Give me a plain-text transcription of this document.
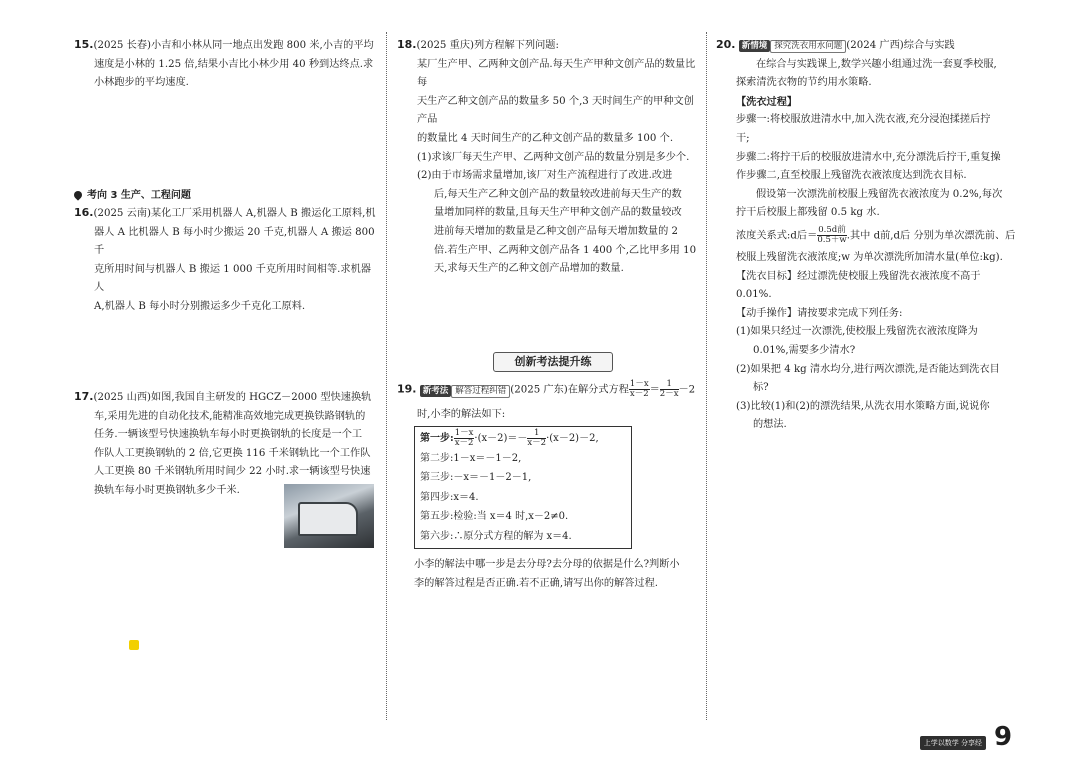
15.(2025 长春)小吉和小林从同一地点出发跑 800 米,小吉的平均

速度是小林的 1.25 倍,结果小吉比小林少用 40 秒到达终点.求

小林跑步的平均速度.

考向 3 生产、工程问题

16.(2025 云南)某化工厂采用机器人 A,机器人 B 搬运化工原料,机

器人 A 比机器人 B 每小时少搬运 20 千克,机器人 A 搬运 800 千

克所用时间与机器人 B 搬运 1 000 千克所用时间相等.求机器人

A,机器人 B 每小时分别搬运多少千克化工原料.

17.(2025 山西)如图,我国自主研发的 HGCZ－2000 型快速换轨

车,采用先进的自动化技术,能精准高效地完成更换铁路钢轨的

任务.一辆该型号快速换轨车每小时更换钢轨的长度是一个工

作队人工更换钢轨的 2 倍,它更换 116 千米钢轨比一个工作队

人工更换 80 千米钢轨所用时间少 22 小时.求一辆该型号快速

换轨车每小时更换钢轨多少千米.

18.(2025 重庆)列方程解下列问题:

某厂生产甲、乙两种文创产品.每天生产甲种文创产品的数量比每

天生产乙种文创产品的数量多 50 个,3 天时间生产的甲种文创产品

的数量比 4 天时间生产的乙种文创产品的数量多 100 个.

(1)求该厂每天生产甲、乙两种文创产品的数量分别是多少个.

(2)由于市场需求量增加,该厂对生产流程进行了改进.改进

后,每天生产乙种文创产品的数量较改进前每天生产的数

量增加同样的数量,且每天生产甲种文创产品的数量较改

进前每天增加的数量是乙种文创产品每天增加数量的 2

倍.若生产甲、乙两种文创产品各 1 400 个,乙比甲多用 10

天,求每天生产的乙种文创产品增加的数量.

创新考法提升练

19. 新考法 解答过程纠错 (2025 广东)在解分式方程 $\frac{1-x}{x-2} = \frac{1}{2-x} -2$

时,小李的解法如下:

第一步: $\frac{1-x}{x-2} \cdot(x-2)=- \frac{1}{x-2} \cdot(x-2)-2$,
第二步:1－x＝－1－2,
第三步:－x＝－1－2－1,
第四步:x＝4.
第五步:检验:当 x＝4 时,x－2≠0.
第六步:∴原分式方程的解为 x＝4.

小李的解法中哪一步是去分母?去分母的依据是什么?判断小

李的解答过程是否正确.若不正确,请写出你的解答过程.

20. 新情境 探究洗衣用水问题 (2024 广西)综合与实践

在综合与实践课上,数学兴趣小组通过洗一套夏季校服,

探索清洗衣物的节约用水策略.

【洗衣过程】

步骤一:将校服放进清水中,加入洗衣液,充分浸泡揉搓后拧

干;

步骤二:将拧干后的校服放进清水中,充分漂洗后拧干,重复操

作步骤二,直至校服上残留洗衣液浓度达到洗衣目标.

假设第一次漂洗前校服上残留洗衣液浓度为 0.2%,每次

拧干后校服上都残留 0.5 kg 水.

浓度关系式:d后＝ $\frac{\text{0.5d前}}{0.5+w}$ .其中 d前,d后 分别为单次漂洗前、后

校服上残留洗衣液浓度;w 为单次漂洗所加清水量(单位:kg).

【洗衣目标】经过漂洗使校服上残留洗衣液浓度不高于 0.01%.

【动手操作】请按要求完成下列任务:

(1)如果只经过一次漂洗,使校服上残留洗衣液浓度降为

0.01%,需要多少清水?

(2)如果把 4 kg 清水均分,进行两次漂洗,是否能达到洗衣目

标?

(3)比较(1)和(2)的漂洗结果,从洗衣用水策略方面,说说你

的想法.

上学以数学 分享经验 数学
9
